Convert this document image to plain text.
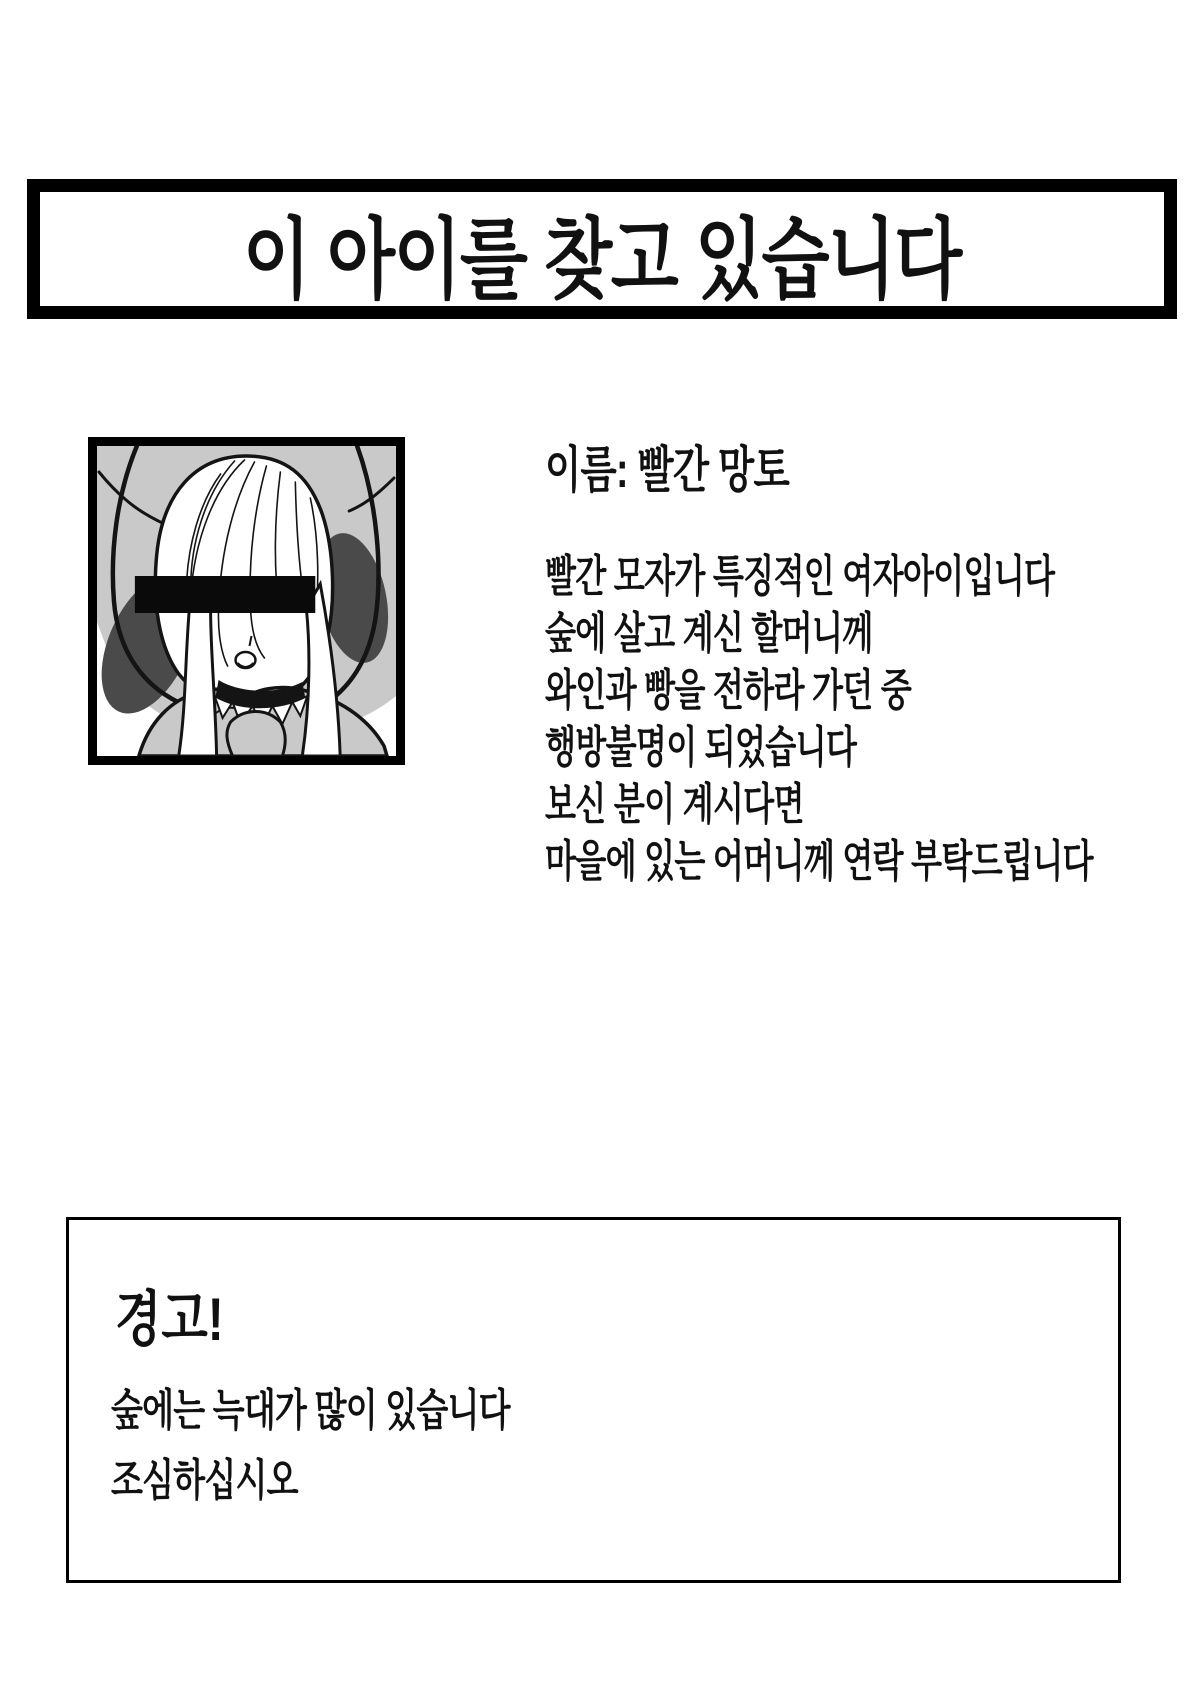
이 아이를 찾고 있습니다
이름: 빨간 망토
빨간 모자가 특징적인 여자아이입니다
숲에 살고 계신 할머니께
와인과 빵을 전하라 가던 중
행방불명이 되었습니다
보신 분이 계시다면
마을에 있는 어머니께 연락 부탁드립니다
경고!
숲에는 늑대가 많이 있습니다
조심하십시오
